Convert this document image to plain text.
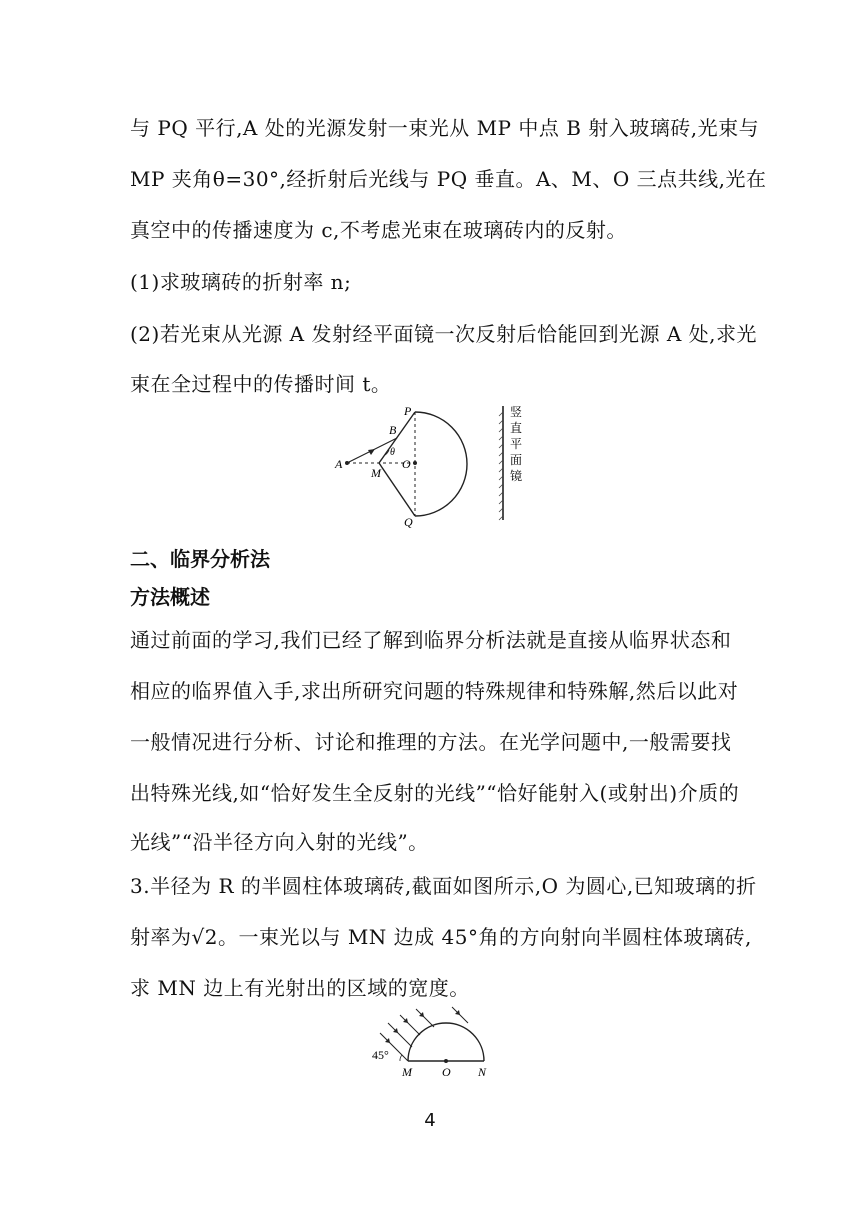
与 PQ 平行,A 处的光源发射一束光从 MP 中点 B 射入玻璃砖,光束与
MP 夹角θ=30°,经折射后光线与 PQ 垂直。A、M、O 三点共线,光在
真空中的传播速度为 c,不考虑光束在玻璃砖内的反射。
(1)求玻璃砖的折射率 n;
(2)若光束从光源 A 发射经平面镜一次反射后恰能回到光源 A 处,求光
束在全过程中的传播时间 t。
P
B
θ
A	O
M
Q
竖
直
平
面
镜
二、临界分析法
方法概述
通过前面的学习,我们已经了解到临界分析法就是直接从临界状态和
相应的临界值入手,求出所研究问题的特殊规律和特殊解,然后以此对
一般情况进行分析、讨论和推理的方法。在光学问题中,一般需要找
出特殊光线,如“恰好发生全反射的光线”“恰好能射入(或射出)介质的
光线”“沿半径方向入射的光线”。
3.半径为 R 的半圆柱体玻璃砖,截面如图所示,O 为圆心,已知玻璃的折
射率为√2。一束光以与 MN 边成 45°角的方向射向半圆柱体玻璃砖,
求 MN 边上有光射出的区域的宽度。
45°
M	O N
4
